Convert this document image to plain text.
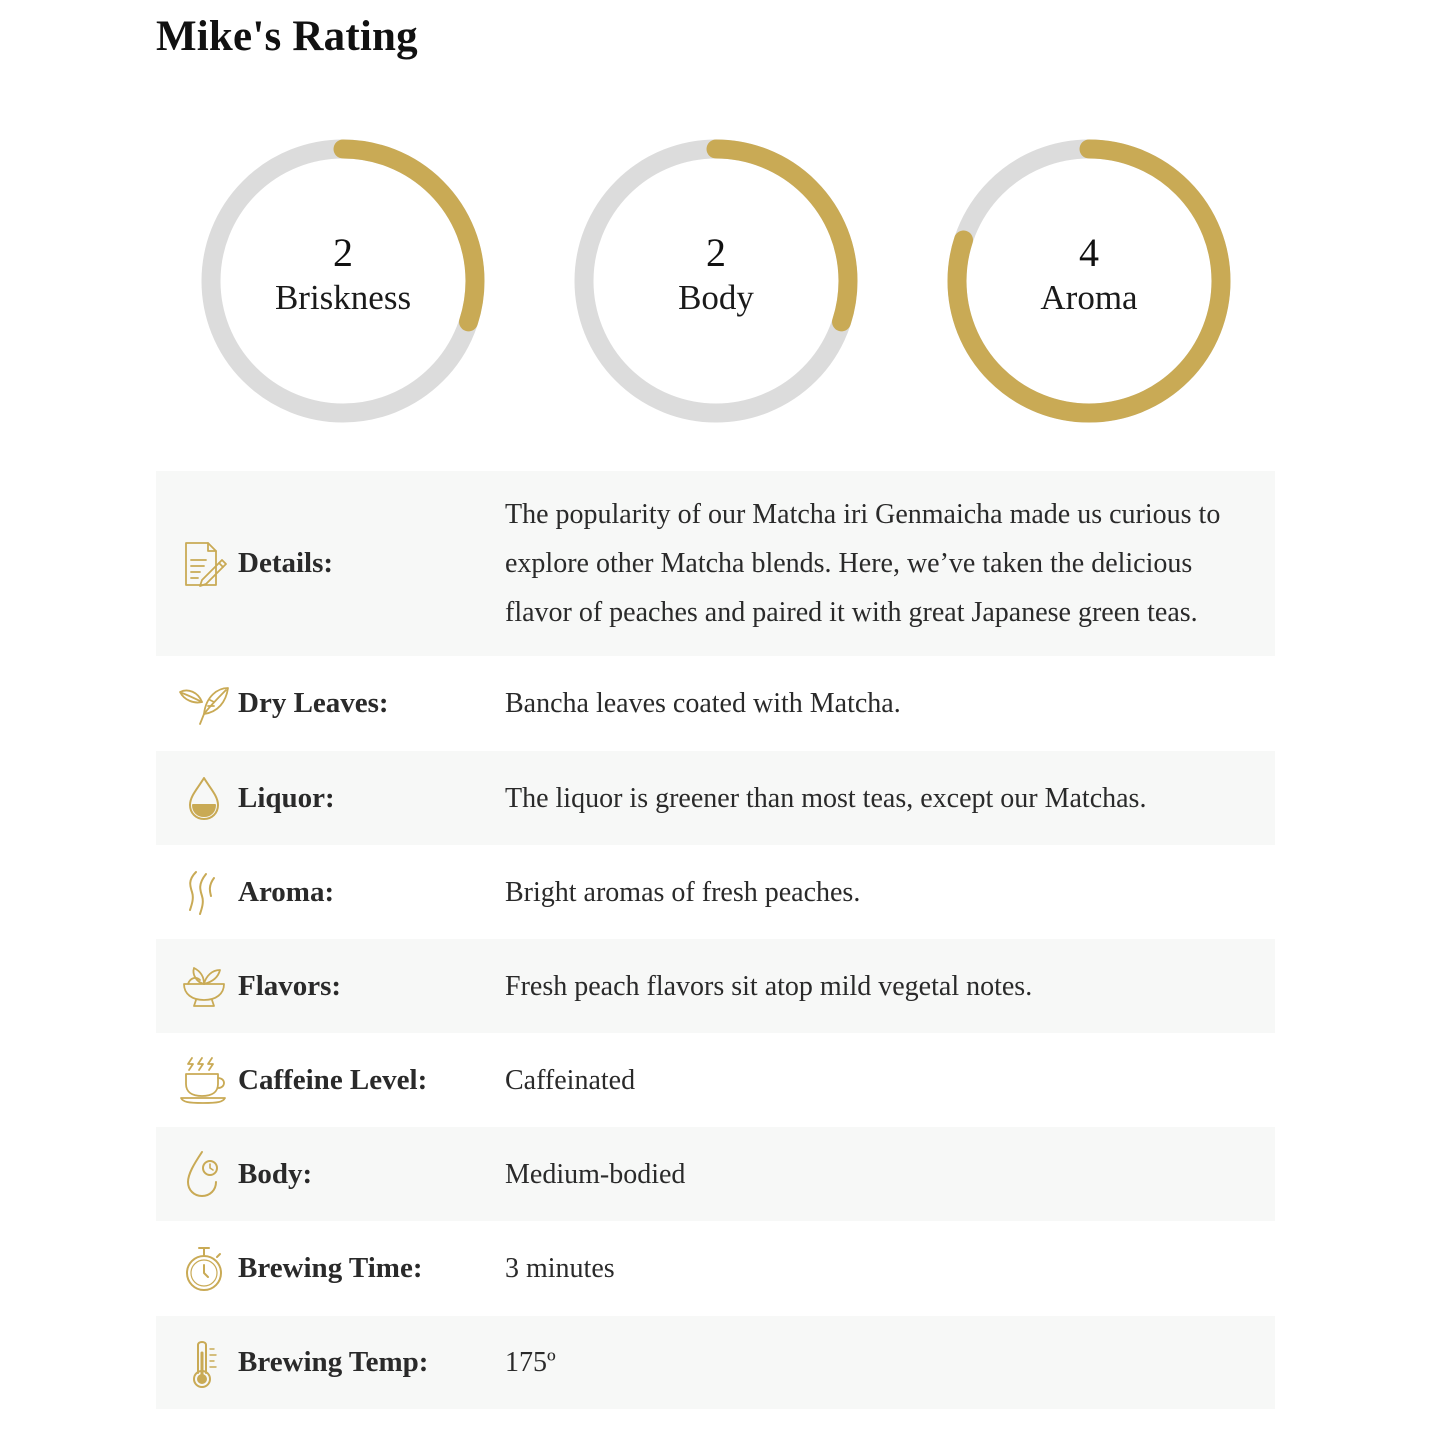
Mike's Rating
2
Briskness
2
Body
4
Aroma
Details:
The popularity of our Matcha iri Genmaicha made us curious to explore other Matcha blends. Here, we’ve taken the delicious flavor of peaches and paired it with great Japanese green teas.
Dry Leaves:	Bancha leaves coated with Matcha.
Liquor:	The liquor is greener than most teas, except our Matchas.
Aroma:	Bright aromas of fresh peaches.
Flavors:	Fresh peach flavors sit atop mild vegetal notes.
Caffeine Level:	Caffeinated
Body:	Medium-bodied
Brewing Time:	3 minutes
Brewing Temp:	175º
